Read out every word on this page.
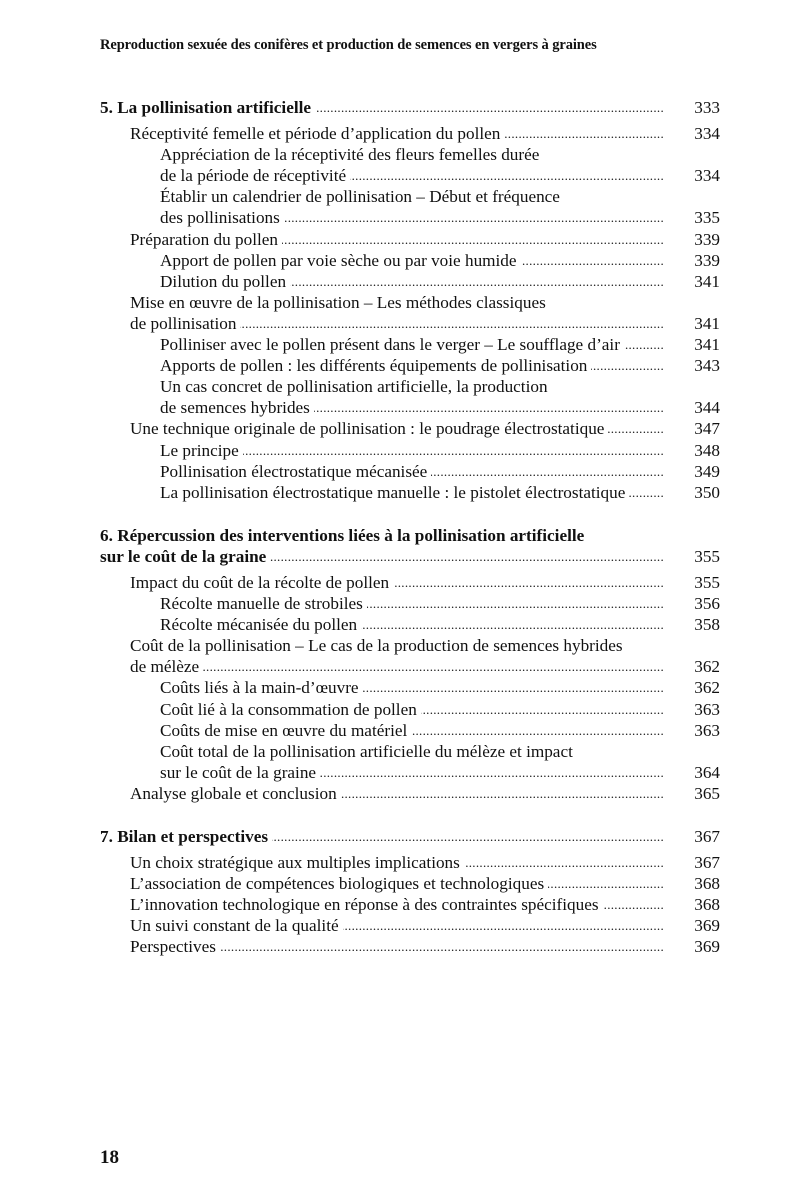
Reproduction sexuée des conifères et production de semences en vergers à graines
5. La pollinisation artificielle .....	333
Réceptivité femelle et période d’application du pollen .....	334
Appréciation de la réceptivité des fleurs femelles durée
de la période de réceptivité .....	334
Établir un calendrier de pollinisation – Début et fréquence
des pollinisations .....	335
Préparation du pollen .....	339
Apport de pollen par voie sèche ou par voie humide .....	339
Dilution du pollen .....	341
Mise en œuvre de la pollinisation – Les méthodes classiques
de pollinisation .....	341
Polliniser avec le pollen présent dans le verger – Le soufflage d’air .....	341
Apports de pollen : les différents équipements de pollinisation .....	343
Un cas concret de pollinisation artificielle, la production
de semences hybrides .....	344
Une technique originale de pollinisation : le poudrage électrostatique .....	347
Le principe .....	348
Pollinisation électrostatique mécanisée .....	349
La pollinisation électrostatique manuelle : le pistolet électrostatique .....	350
6. Répercussion des interventions liées à la pollinisation artificielle
sur le coût de la graine .....	355
Impact du coût de la récolte de pollen .....	355
Récolte manuelle de strobiles .....	356
Récolte mécanisée du pollen .....	358
Coût de la pollinisation – Le cas de la production de semences hybrides
de mélèze .....	362
Coûts liés à la main-d’œuvre .....	362
Coût lié à la consommation de pollen .....	363
Coûts de mise en œuvre du matériel .....	363
Coût total de la pollinisation artificielle du mélèze et impact
sur le coût de la graine .....	364
Analyse globale et conclusion .....	365
7. Bilan et perspectives .....	367
Un choix stratégique aux multiples implications .....	367
L’association de compétences biologiques et technologiques .....	368
L’innovation technologique en réponse à des contraintes spécifiques .....	368
Un suivi constant de la qualité .....	369
Perspectives .....	369
18
